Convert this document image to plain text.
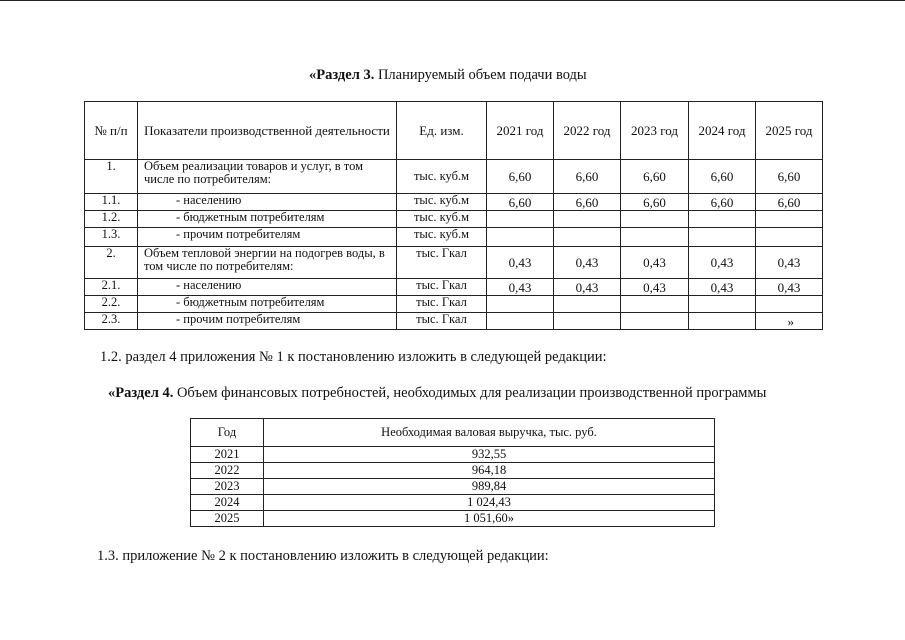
«Раздел 3. Планируемый объем подачи воды
№ п/п	Показатели производственной деятельности	Ед. изм.	2021 год	2022 год	2023 год	2024 год	2025 год
1.	Объем реализации товаров и услуг, в том числе по потребителям:	тыс. куб.м	6,60	6,60	6,60	6,60	6,60
1.1.	- населению	тыс. куб.м	6,60	6,60	6,60	6,60	6,60
1.2.	- бюджетным потребителям	тыс. куб.м					
1.3.	- прочим потребителям	тыс. куб.м					
2.	Объем тепловой энергии на подогрев воды, в том числе по потребителям:	тыс. Гкал	0,43	0,43	0,43	0,43	0,43
2.1.	- населению	тыс. Гкал	0,43	0,43	0,43	0,43	0,43
2.2.	- бюджетным потребителям	тыс. Гкал					
2.3.	- прочим потребителям	тыс. Гкал					»
1.2. раздел 4 приложения № 1 к постановлению изложить в следующей редакции:
«Раздел 4. Объем финансовых потребностей, необходимых для реализации производственной программы
Год	Необходимая валовая выручка, тыс. руб.
2021	932,55
2022	964,18
2023	989,84
2024	1 024,43
2025	1 051,60»
1.3. приложение № 2 к постановлению изложить в следующей редакции:
